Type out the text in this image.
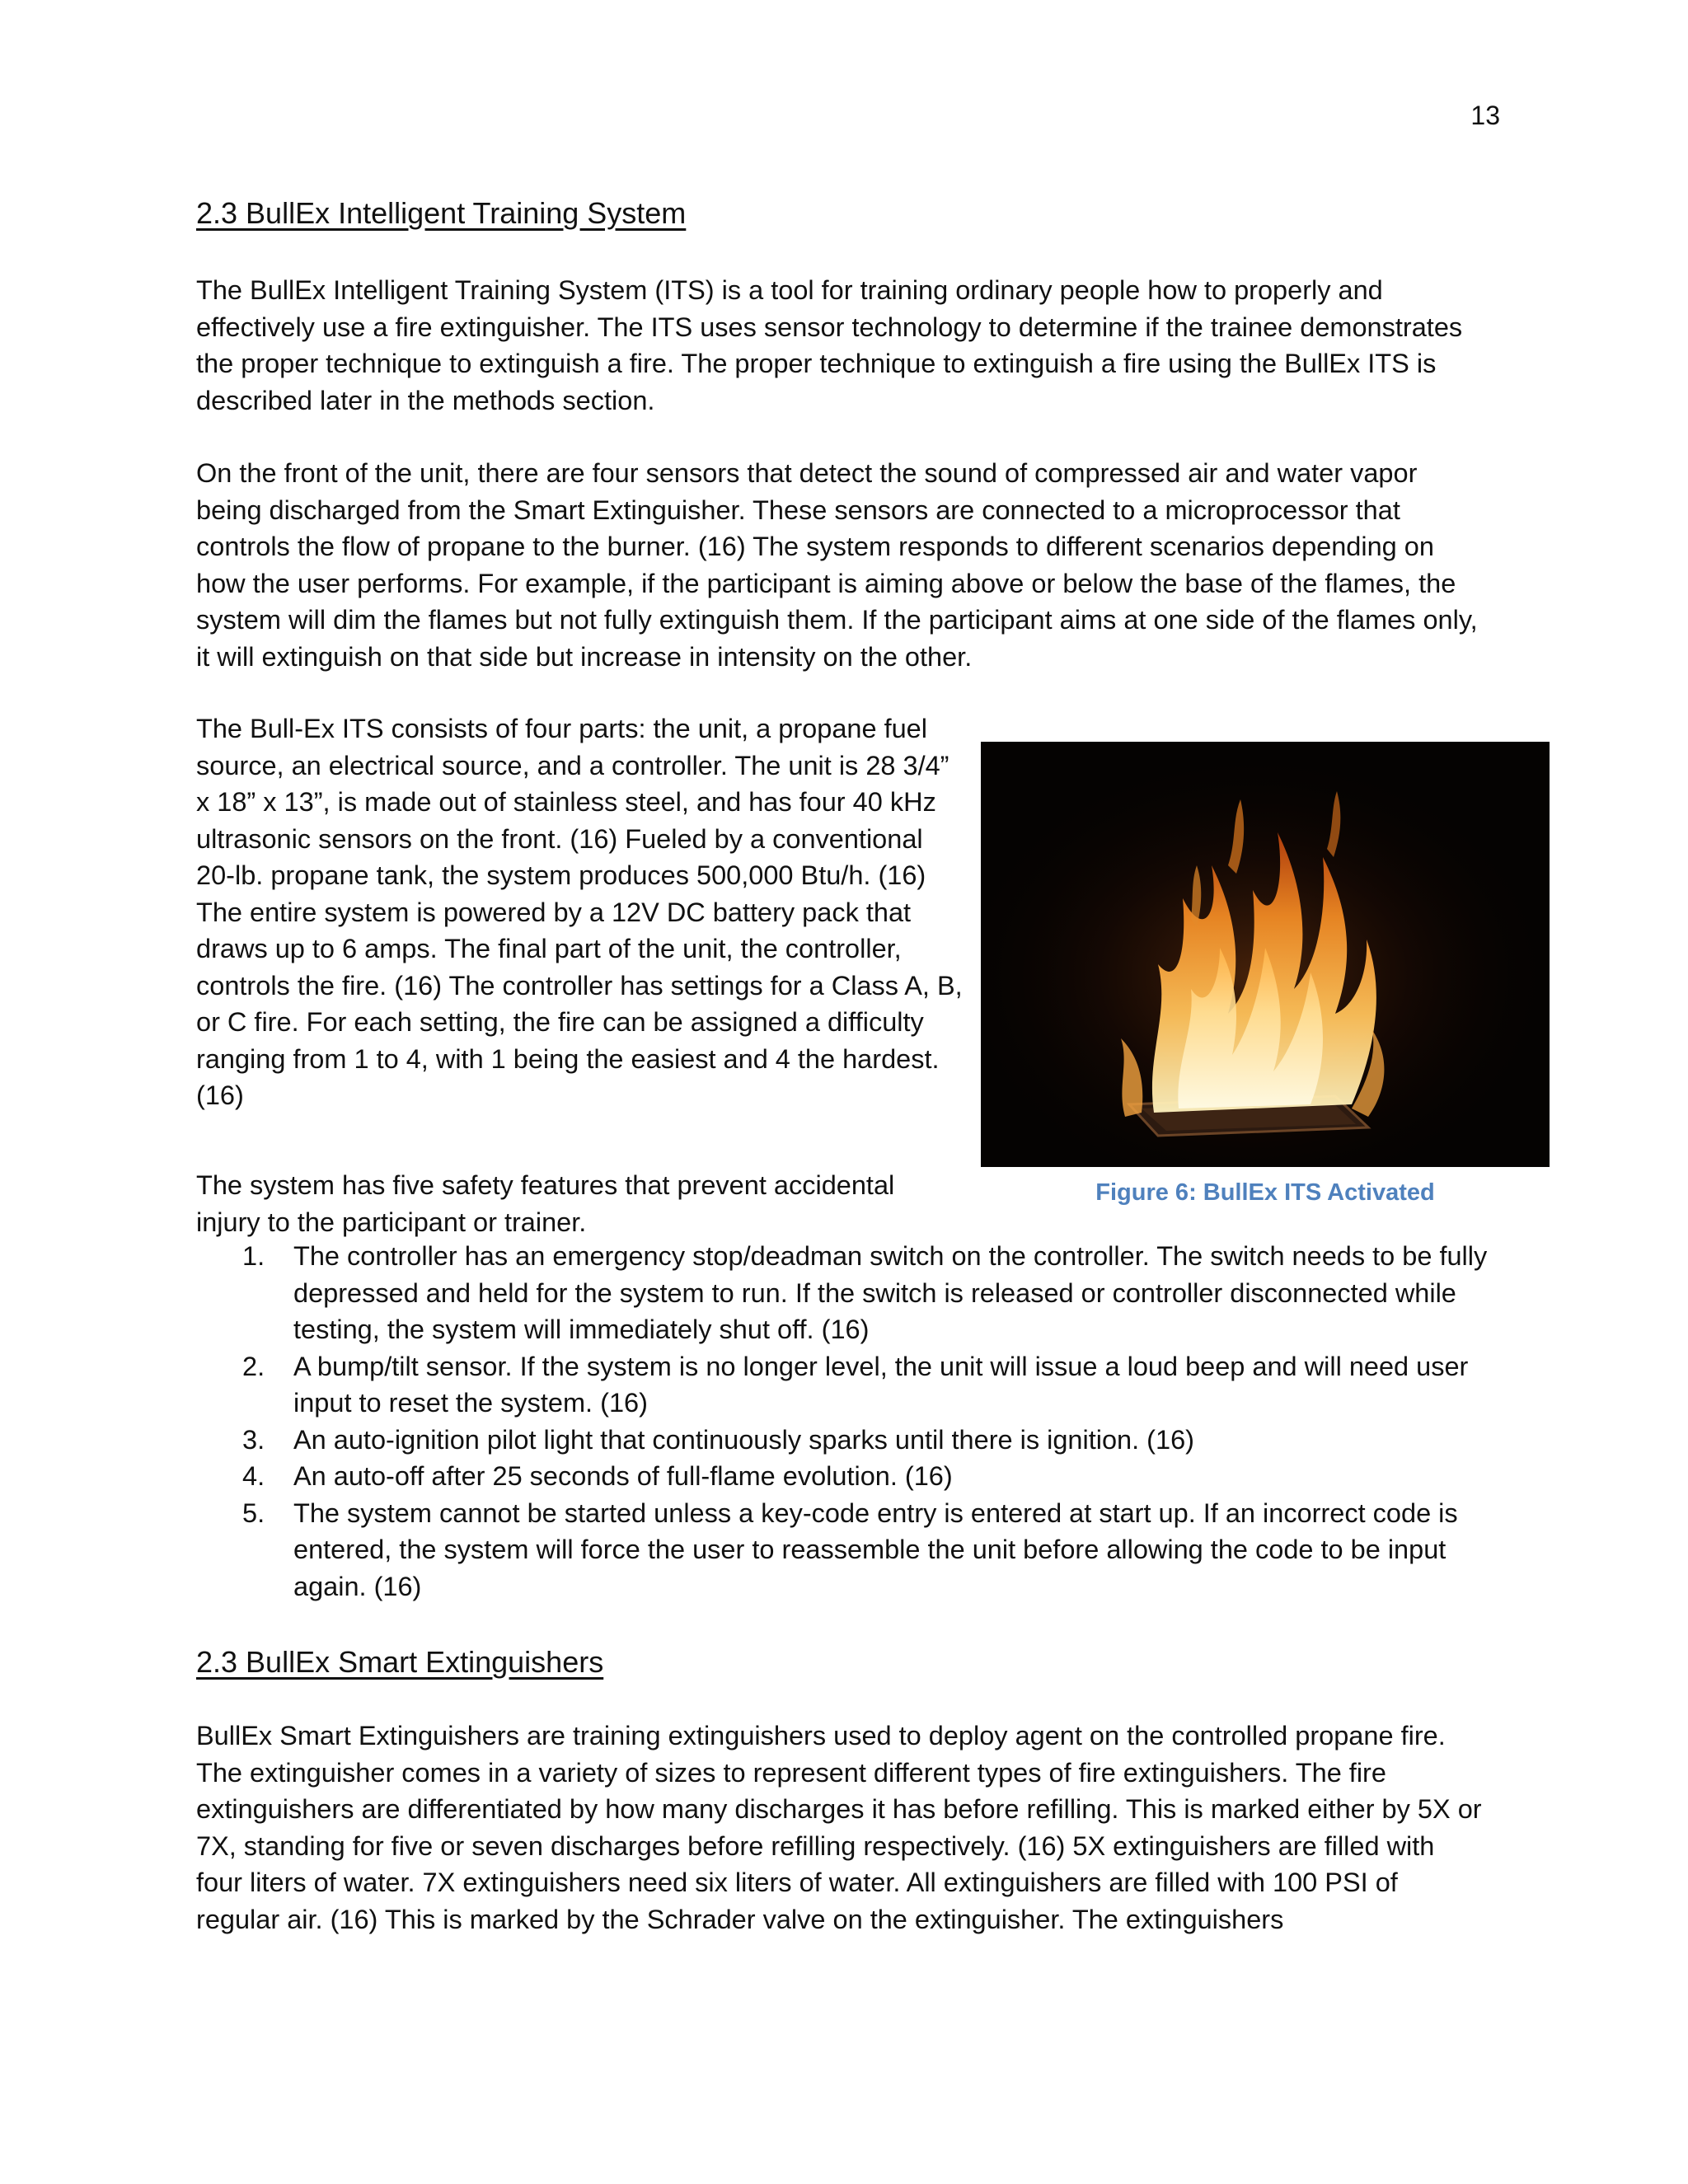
13
2.3 BullEx Intelligent Training System

The BullEx Intelligent Training System (ITS) is a tool for training ordinary people how to properly and effectively use a fire extinguisher. The ITS uses sensor technology to determine if the trainee demonstrates the proper technique to extinguish a fire. The proper technique to extinguish a fire using the BullEx ITS is described later in the methods section.

On the front of the unit, there are four sensors that detect the sound of compressed air and water vapor being discharged from the Smart Extinguisher. These sensors are connected to a microprocessor that controls the flow of propane to the burner. (16) The system responds to different scenarios depending on how the user performs. For example, if the participant is aiming above or below the base of the flames, the system will dim the flames but not fully extinguish them. If the participant aims at one side of the flames only, it will extinguish on that side but increase in intensity on the other.

The Bull-Ex ITS consists of four parts: the unit, a propane fuel source, an electrical source, and a controller. The unit is 28 3/4” x 18” x 13”, is made out of stainless steel, and has four 40 kHz ultrasonic sensors on the front. (16) Fueled by a conventional 20-lb. propane tank, the system produces 500,000 Btu/h. (16) The entire system is powered by a 12V DC battery pack that draws up to 6 amps. The final part of the unit, the controller, controls the fire. (16) The controller has settings for a Class A, B, or C fire. For each setting, the fire can be assigned a difficulty ranging from 1 to 4, with 1 being the easiest and 4 the hardest. (16)

Figure 6: BullEx ITS Activated

The system has five safety features that prevent accidental injury to the participant or trainer.

1. The controller has an emergency stop/deadman switch on the controller. The switch needs to be fully depressed and held for the system to run. If the switch is released or controller disconnected while testing, the system will immediately shut off. (16)
2. A bump/tilt sensor. If the system is no longer level, the unit will issue a loud beep and will need user input to reset the system. (16)
3. An auto-ignition pilot light that continuously sparks until there is ignition. (16)
4. An auto-off after 25 seconds of full-flame evolution. (16)
5. The system cannot be started unless a key-code entry is entered at start up. If an incorrect code is entered, the system will force the user to reassemble the unit before allowing the code to be input again. (16)
2.3 BullEx Smart Extinguishers

BullEx Smart Extinguishers are training extinguishers used to deploy agent on the controlled propane fire. The extinguisher comes in a variety of sizes to represent different types of fire extinguishers. The fire extinguishers are differentiated by how many discharges it has before refilling. This is marked either by 5X or 7X, standing for five or seven discharges before refilling respectively. (16) 5X extinguishers are filled with four liters of water. 7X extinguishers need six liters of water. All extinguishers are filled with 100 PSI of regular air. (16) This is marked by the Schrader valve on the extinguisher. The extinguishers
